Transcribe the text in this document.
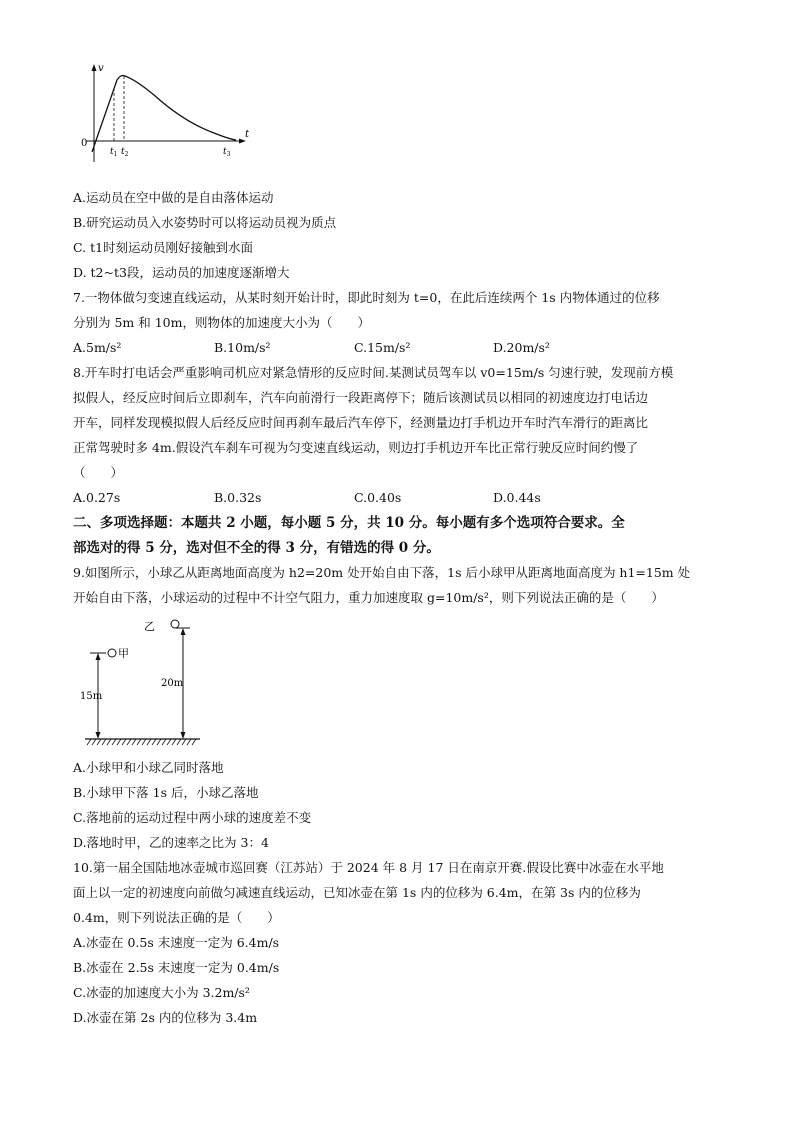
v
t
0
$t_1$ $t_2$	$t_3$
A.运动员在空中做的是自由落体运动
B.研究运动员入水姿势时可以将运动员视为质点
C. t1时刻运动员刚好接触到水面
D. t2~t3段，运动员的加速度逐渐增大
7.一物体做匀变速直线运动，从某时刻开始计时，即此时刻为 t=0，在此后连续两个 1s 内物体通过的位移
分别为 5m 和 10m，则物体的加速度大小为（　　）
A.5m/s²	B.10m/s²	C.15m/s²	D.20m/s²
8.开车时打电话会严重影响司机应对紧急情形的反应时间.某测试员驾车以 v0=15m/s 匀速行驶，发现前方模
拟假人，经反应时间后立即刹车，汽车向前滑行一段距离停下；随后该测试员以相同的初速度边打电话边
开车，同样发现模拟假人后经反应时间再刹车最后汽车停下，经测量边打手机边开车时汽车滑行的距离比
正常驾驶时多 4m.假设汽车刹车可视为匀变速直线运动，则边打手机边开车比正常行驶反应时间约慢了
（　　）
A.0.27s	B.0.32s	C.0.40s	D.0.44s
二、多项选择题：本题共 2 小题，每小题 5 分，共 10 分。每小题有多个选项符合要求。全
部选对的得 5 分，选对但不全的得 3 分，有错选的得 0 分。
9.如图所示，小球乙从距离地面高度为 h2=20m 处开始自由下落，1s 后小球甲从距离地面高度为 h1=15m 处
开始自由下落，小球运动的过程中不计空气阻力，重力加速度取 g=10m/s²，则下列说法正确的是（　　）
乙
20m
甲
15m
A.小球甲和小球乙同时落地
B.小球甲下落 1s 后，小球乙落地
C.落地前的运动过程中两小球的速度差不变
D.落地时甲，乙的速率之比为 3：4
10.第一届全国陆地冰壶城市巡回赛（江苏站）于 2024 年 8 月 17 日在南京开赛.假设比赛中冰壶在水平地
面上以一定的初速度向前做匀减速直线运动，已知冰壶在第 1s 内的位移为 6.4m，在第 3s 内的位移为
0.4m，则下列说法正确的是（　　）
A.冰壶在 0.5s 末速度一定为 6.4m/s
B.冰壶在 2.5s 末速度一定为 0.4m/s
C.冰壶的加速度大小为 3.2m/s²
D.冰壶在第 2s 内的位移为 3.4m
